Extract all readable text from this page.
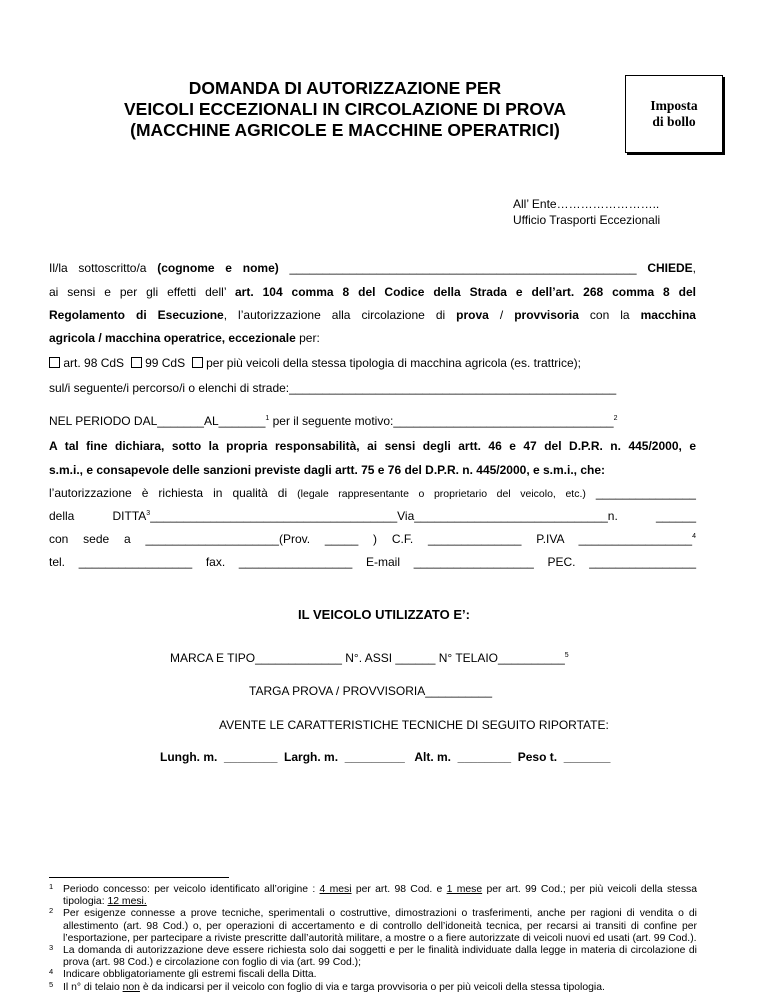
DOMANDA DI AUTORIZZAZIONE PER
VEICOLI ECCEZIONALI IN CIRCOLAZIONE DI PROVA
(MACCHINE AGRICOLE E MACCHINE OPERATRICI)
Imposta
di bollo
All’ Ente……………………..
Ufficio Trasporti Eccezionali
Il/la sottoscritto/a (cognome e nome) ____________________________________________________ CHIEDE,
ai sensi e per gli effetti dell’ art. 104 comma 8 del Codice della Strada e dell’art. 268 comma 8 del
Regolamento di Esecuzione, l’autorizzazione alla circolazione di prova / provvisoria con la macchina
agricola / macchina operatrice, eccezionale per:
art. 98 CdS 99 CdS per più veicoli della stessa tipologia di macchina agricola (es. trattrice);
sul/i seguente/i percorso/i o elenchi di strade:_________________________________________________
NEL PERIODO DAL_______AL_______$^1$ per il seguente motivo:_________________________________$^2$
A tal fine dichiara, sotto la propria responsabilità, ai sensi degli artt. 46 e 47 del D.P.R. n. 445/2000, e
s.m.i., e consapevole delle sanzioni previste dagli artt. 75 e 76 del D.P.R. n. 445/2000, e s.m.i., che:
l’autorizzazione è richiesta in qualità di (legale rappresentante o proprietario del veicolo, etc.) _______________
della DITTA$^3$_____________________________________Via_____________________________n. ______
con sede a ____________________(Prov. _____ ) C.F. ______________ P.IVA _________________$^4$
tel. _________________ fax. _________________ E-mail __________________ PEC. ________________
IL VEICOLO UTILIZZATO E’:
MARCA E TIPO_____________ N°. ASSI ______ N° TELAIO__________$^5$
TARGA PROVA / PROVVISORIA__________
AVENTE LE CARATTERISTICHE TECNICHE DI SEGUITO RIPORTATE:
Lungh. m.  ________  Largh. m.  _________   Alt. m.  ________  Peso t.  _______
1 Periodo concesso: per veicolo identificato all’origine : 4 mesi per art. 98 Cod. e 1 mese per art. 99 Cod.; per più veicoli della stessa tipologia: 12 mesi.
2 Per esigenze connesse a prove tecniche, sperimentali o costruttive, dimostrazioni o trasferimenti, anche per ragioni di vendita o di allestimento (art. 98 Cod.) o, per operazioni di accertamento e di controllo dell’idoneità tecnica, per recarsi ai transiti di confine per l’esportazione, per partecipare a riviste prescritte dall’autorità militare, a mostre o a fiere autorizzate di veicoli nuovi ed usati (art. 99 Cod.).
3 La domanda di autorizzazione deve essere richiesta solo dai soggetti e per le finalità individuate dalla legge in materia di circolazione di prova (art. 98 Cod.) e circolazione con foglio di via (art. 99 Cod.);
4 Indicare obbligatoriamente gli estremi fiscali della Ditta.
5 Il n° di telaio non è da indicarsi per il veicolo con foglio di via e targa provvisoria o per più veicoli della stessa tipologia.
